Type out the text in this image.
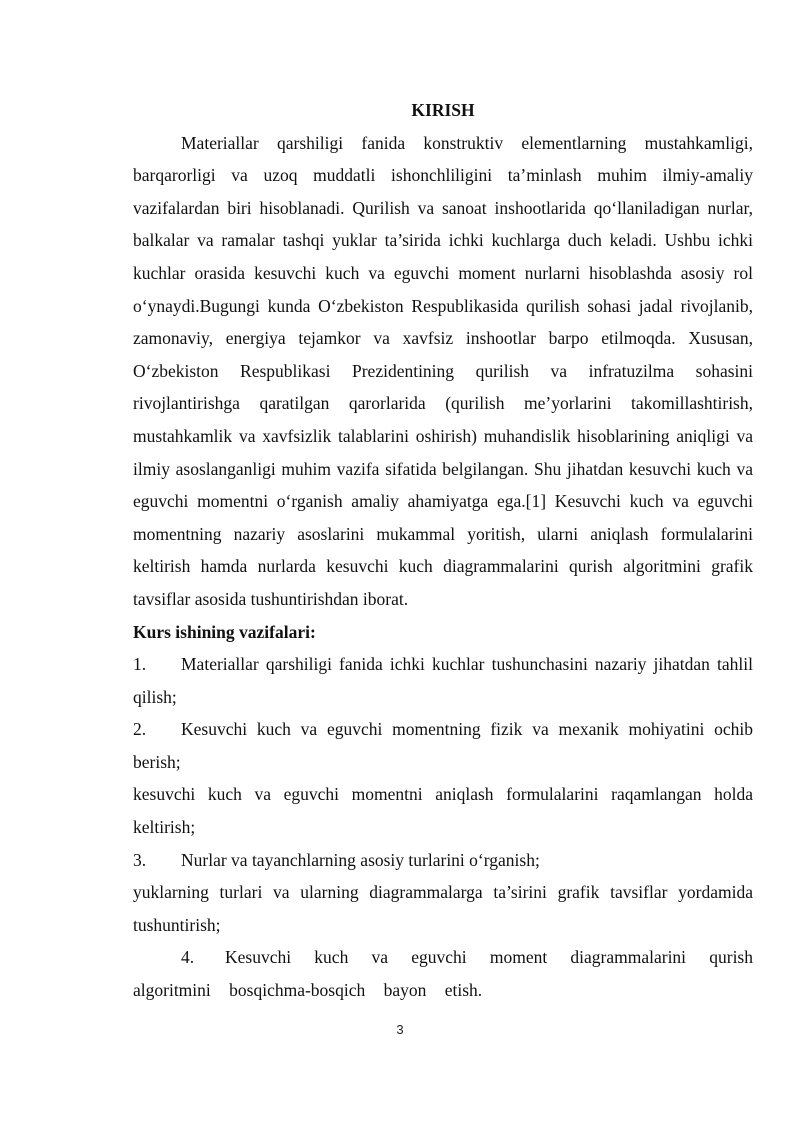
KIRISH

Materiallar qarshiligi fanida konstruktiv elementlarning mustahkamligi, barqarorligi va uzoq muddatli ishonchliligini ta’minlash muhim ilmiy-amaliy vazifalardan biri hisoblanadi. Qurilish va sanoat inshootlarida qo‘llaniladigan nurlar, balkalar va ramalar tashqi yuklar ta’sirida ichki kuchlarga duch keladi. Ushbu ichki kuchlar orasida kesuvchi kuch va eguvchi moment nurlarni hisoblashda asosiy rol o‘ynaydi.Bugungi kunda O‘zbekiston Respublikasida qurilish sohasi jadal rivojlanib, zamonaviy, energiya tejamkor va xavfsiz inshootlar barpo etilmoqda. Xususan, O‘zbekiston Respublikasi Prezidentining qurilish va infratuzilma sohasini rivojlantirishga qaratilgan qarorlarida (qurilish me’yorlarini takomillashtirish, mustahkamlik va xavfsizlik talablarini oshirish) muhandislik hisoblarining aniqligi va ilmiy asoslanganligi muhim vazifa sifatida belgilangan. Shu jihatdan kesuvchi kuch va eguvchi momentni o‘rganish amaliy ahamiyatga ega.[1] Kesuvchi kuch va eguvchi momentning nazariy asoslarini mukammal yoritish, ularni aniqlash formulalarini keltirish hamda nurlarda kesuvchi kuch diagrammalarini qurish algoritmini grafik tavsiflar asosida tushuntirishdan iborat.

Kurs ishining vazifalari:

1. Materiallar qarshiligi fanida ichki kuchlar tushunchasini nazariy jihatdan tahlil qilish;

2. Kesuvchi kuch va eguvchi momentning fizik va mexanik mohiyatini ochib berish;

kesuvchi kuch va eguvchi momentni aniqlash formulalarini raqamlangan holda keltirish;

3. Nurlar va tayanchlarning asosiy turlarini o‘rganish;

yuklarning turlari va ularning diagrammalarga ta’sirini grafik tavsiflar yordamida tushuntirish;

4. Kesuvchi kuch va eguvchi moment diagrammalarini qurish algoritmini bosqichma-bosqich bayon etish.

3
